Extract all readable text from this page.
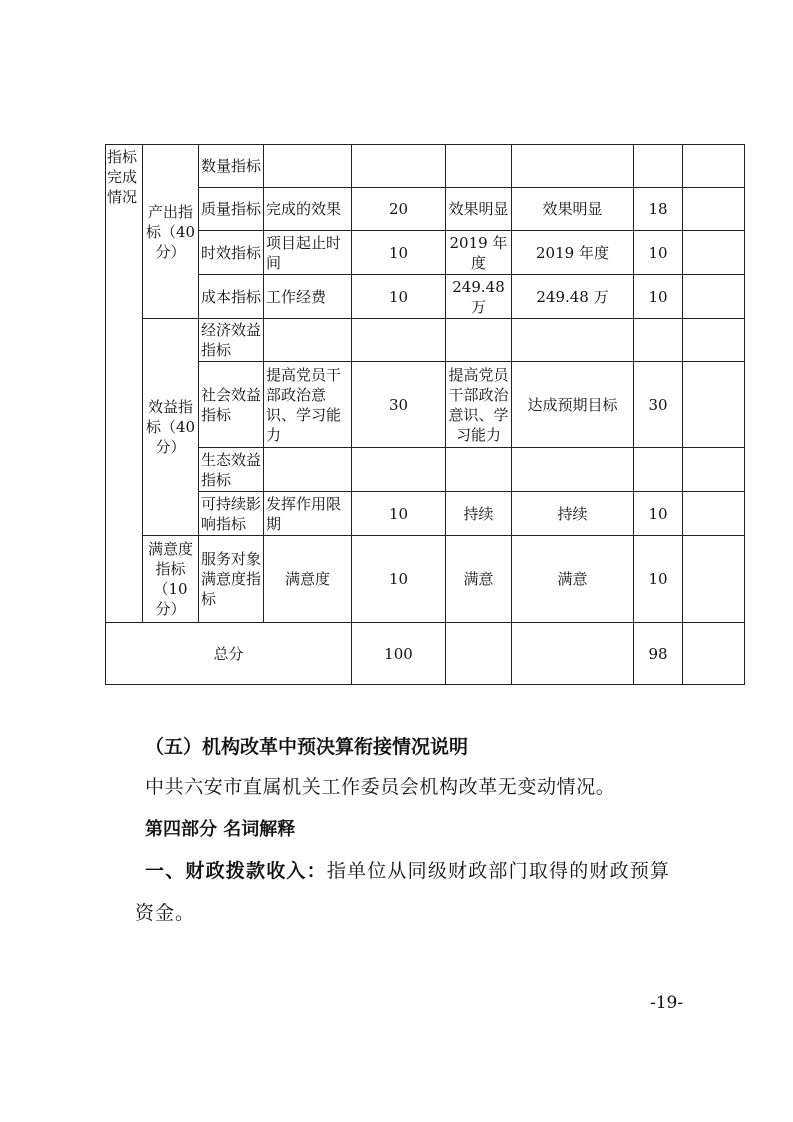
指标完成情况	产出指标（40分）	数量指标						
		质量指标	完成的效果	20	效果明显	效果明显	18	
		时效指标	项目起止时间	10	2019 年度	2019 年度	10	
		成本指标	工作经费	10	249.48 万	249.48 万	10	
	效益指标（40分）	经济效益指标						
		社会效益指标	提高党员干部政治意识、学习能力	30	提高党员干部政治意识、学习能力	达成预期目标	30	
		生态效益指标						
		可持续影响指标	发挥作用限期	10	持续	持续	10	
	满意度指标（10分）	服务对象满意度指标	满意度	10	满意	满意	10	
总分				100			98	
（五）机构改革中预决算衔接情况说明
中共六安市直属机关工作委员会机构改革无变动情况。
第四部分 名词解释
一、财政拨款收入：指单位从同级财政部门取得的财政预算
资金。
-19-
